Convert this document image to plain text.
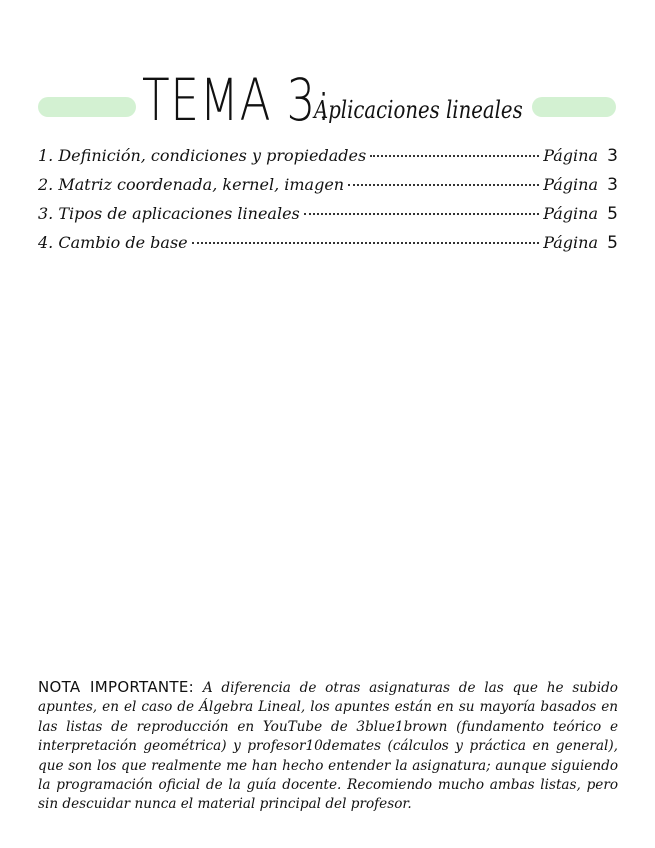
TEMA 3:
Aplicaciones lineales
1. Definición, condiciones y propiedades	Página 3
2. Matriz coordenada, kernel, imagen	Página 3
3. Tipos de aplicaciones lineales	Página 5
4. Cambio de base	Página 5
NOTA IMPORTANTE: A diferencia de otras asignaturas de las que he subido apuntes, en el caso de Álgebra Lineal, los apuntes están en su mayoría basados en las listas de reproducción en YouTube de 3blue1brown (fundamento teórico e interpretación geométrica) y profesor10demates (cálculos y práctica en general), que son los que realmente me han hecho entender la asignatura; aunque siguiendo la programación oficial de la guía docente. Recomiendo mucho ambas listas, pero sin descuidar nunca el material principal del profesor.
